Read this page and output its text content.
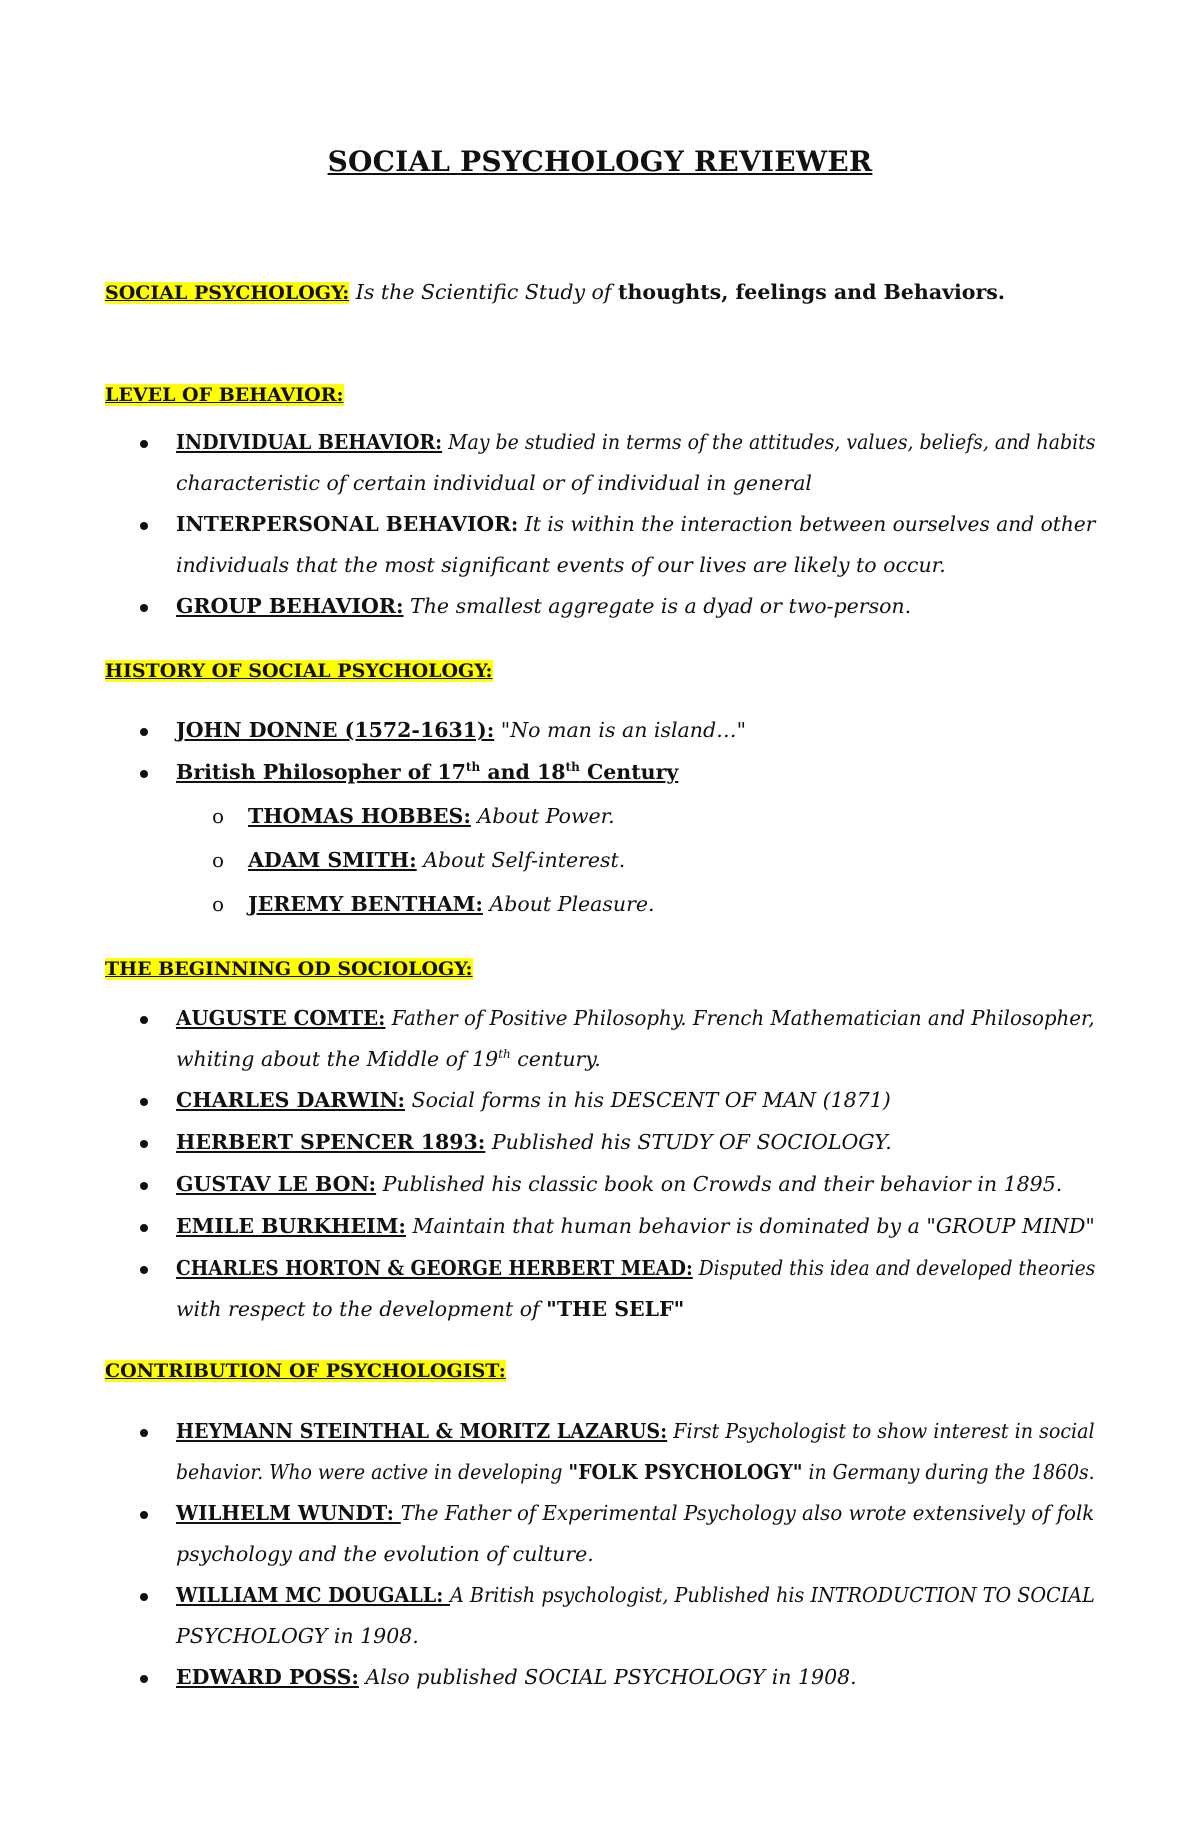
SOCIAL PSYCHOLOGY REVIEWER
SOCIAL PSYCHOLOGY: Is the Scientific Study of thoughts, feelings and Behaviors.
LEVEL OF BEHAVIOR:
INDIVIDUAL BEHAVIOR: May be studied in terms of the attitudes, values, beliefs, and habits
characteristic of certain individual or of individual in general
INTERPERSONAL BEHAVIOR: It is within the interaction between ourselves and other
individuals that the most significant events of our lives are likely to occur.
GROUP BEHAVIOR: The smallest aggregate is a dyad or two-person.
HISTORY OF SOCIAL PSYCHOLOGY:
JOHN DONNE (1572-1631): "No man is an island…"
British Philosopher of 17th and 18th Century
o THOMAS HOBBES: About Power.
o ADAM SMITH: About Self-interest.
o JEREMY BENTHAM: About Pleasure.
THE BEGINNING OD SOCIOLOGY:
AUGUSTE COMTE: Father of Positive Philosophy. French Mathematician and Philosopher,
whiting about the Middle of 19th century.
CHARLES DARWIN: Social forms in his DESCENT OF MAN (1871)
HERBERT SPENCER 1893: Published his STUDY OF SOCIOLOGY.
GUSTAV LE BON: Published his classic book on Crowds and their behavior in 1895.
EMILE BURKHEIM: Maintain that human behavior is dominated by a "GROUP MIND"
CHARLES HORTON & GEORGE HERBERT MEAD: Disputed this idea and developed theories
with respect to the development of "THE SELF"
CONTRIBUTION OF PSYCHOLOGIST:
HEYMANN STEINTHAL & MORITZ LAZARUS: First Psychologist to show interest in social
behavior. Who were active in developing "FOLK PSYCHOLOGY" in Germany during the 1860s.
WILHELM WUNDT: The Father of Experimental Psychology also wrote extensively of folk
psychology and the evolution of culture.
WILLIAM MC DOUGALL: A British psychologist, Published his INTRODUCTION TO SOCIAL
PSYCHOLOGY in 1908.
EDWARD POSS: Also published SOCIAL PSYCHOLOGY in 1908.
